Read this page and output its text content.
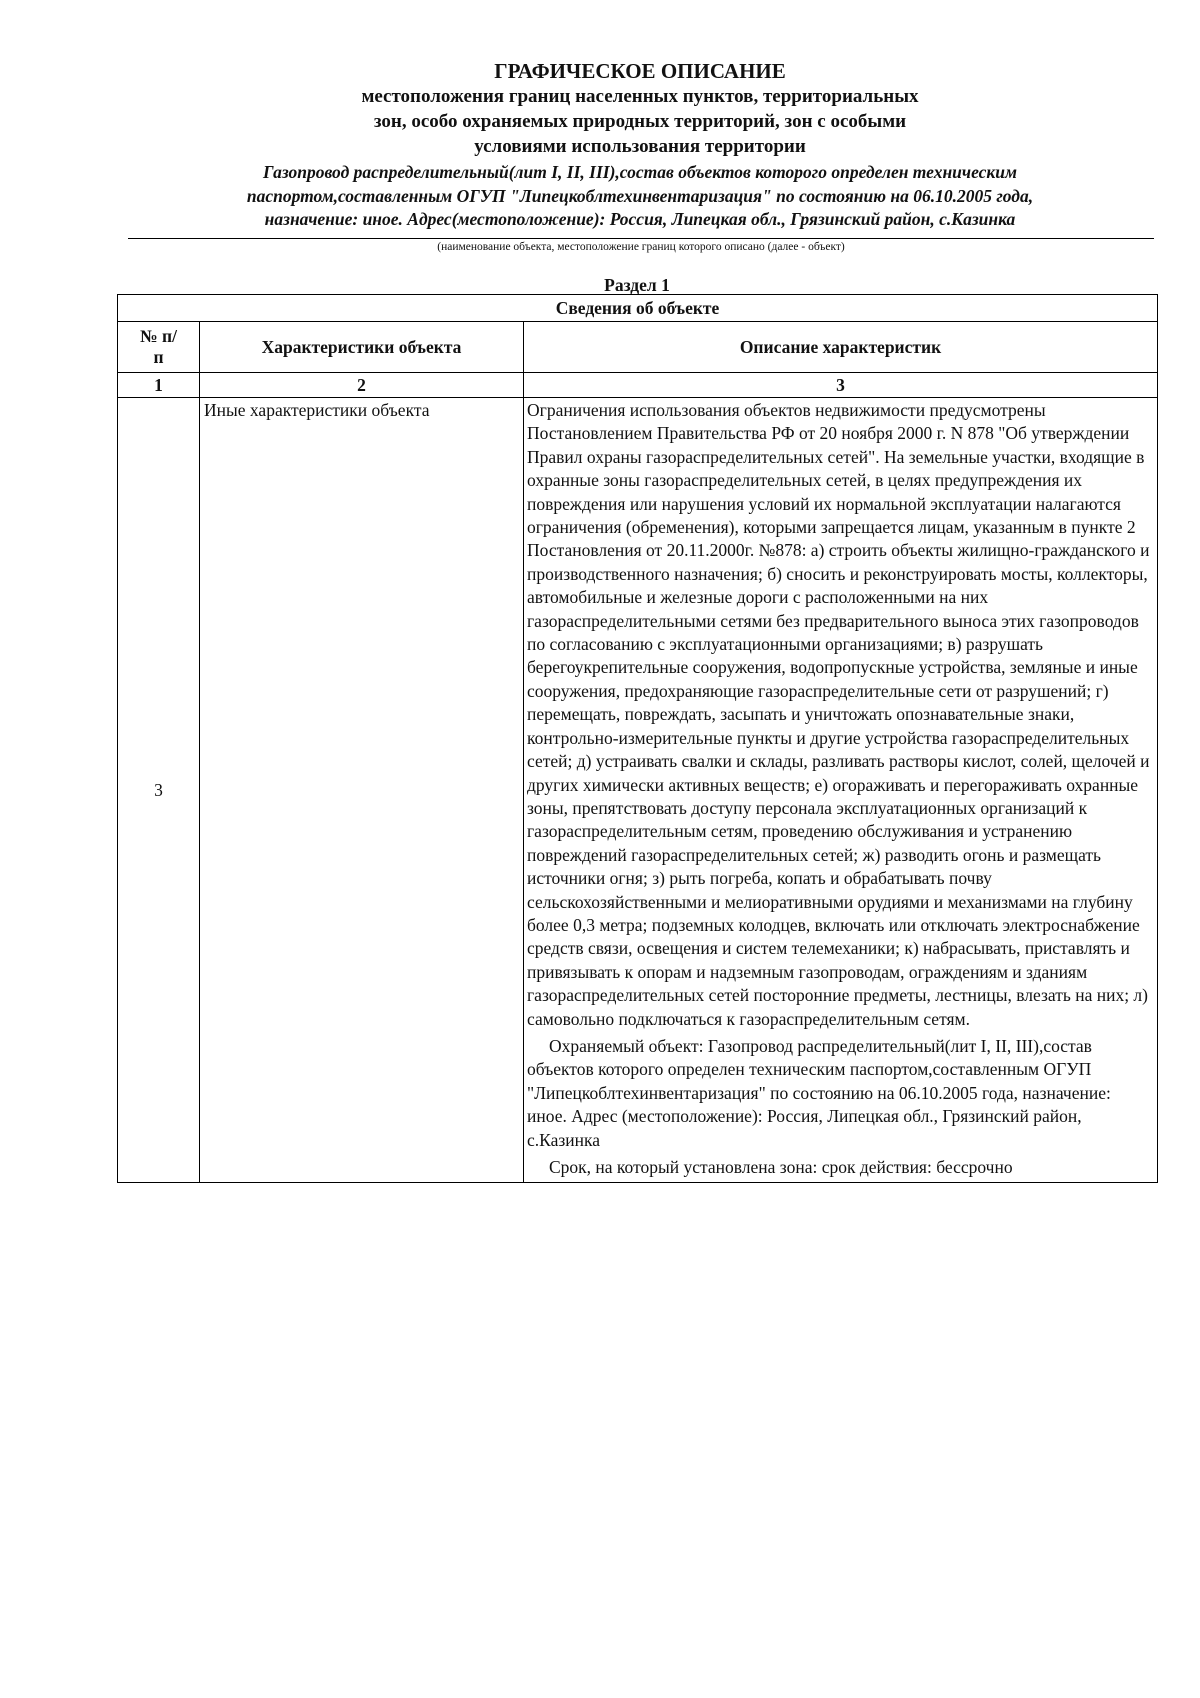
ГРАФИЧЕСКОЕ ОПИСАНИЕ
местоположения границ населенных пунктов, территориальных
зон, особо охраняемых природных территорий, зон с особыми
условиями использования территории
Газопровод распределительный(лит I, II, III),состав объектов которого определен техническим
паспортом,составленным ОГУП "Липецкоблтехинвентаризация" по состоянию на 06.10.2005 года,
назначение: иное. Адрес(местоположение): Россия, Липецкая обл., Грязинский район, с.Казинка
(наименование объекта, местоположение границ которого описано (далее - объект)
Раздел 1
Сведения об объекте		
№ п/п	Характеристики объекта	Описание характеристик
1	2	3
3	Иные характеристики объекта	Ограничения использования объектов недвижимости предусмотрены Постановлением Правительства РФ от 20 ноября 2000 г. N 878 "Об утверждении Правил охраны газораспределительных сетей". На земельные участки, входящие в охранные зоны газораспределительных сетей, в целях предупреждения их повреждения или нарушения условий их нормальной эксплуатации налагаются ограничения (обременения), которыми запрещается лицам, указанным в пункте 2 Постановления от 20.11.2000г. №878: а) строить объекты жилищно-гражданского и производственного назначения; б) сносить и реконструировать мосты, коллекторы, автомобильные и железные дороги с расположенными на них газораспределительными сетями без предварительного выноса этих газопроводов по согласованию с эксплуатационными организациями; в) разрушать берегоукрепительные сооружения, водопропускные устройства, земляные и иные сооружения, предохраняющие газораспределительные сети от разрушений; г) перемещать, повреждать, засыпать и уничтожать опознавательные знаки, контрольно-измерительные пункты и другие устройства газораспределительных сетей; д) устраивать свалки и склады, разливать растворы кислот, солей, щелочей и других химически активных веществ; е) огораживать и перегораживать охранные зоны, препятствовать доступу персонала эксплуатационных организаций к газораспределительным сетям, проведению обслуживания и устранению повреждений газораспределительных сетей; ж) разводить огонь и размещать источники огня; з) рыть погреба, копать и обрабатывать почву сельскохозяйственными и мелиоративными орудиями и механизмами на глубину более 0,3 метра; подземных колодцев, включать или отключать электроснабжение средств связи, освещения и систем телемеханики; к) набрасывать, приставлять и привязывать к опорам и надземным газопроводам, ограждениям и зданиям газораспределительных сетей посторонние предметы, лестницы, влезать на них; л) самовольно подключаться к газораспределительным сетям.

Охраняемый объект: Газопровод распределительный(лит I, II, III),состав объектов которого определен техническим паспортом,составленным ОГУП "Липецкоблтехинвентаризация" по состоянию на 06.10.2005 года, назначение: иное. Адрес (местоположение): Россия, Липецкая обл., Грязинский район, с.Казинка

Срок, на который установлена зона: срок действия: бессрочно
